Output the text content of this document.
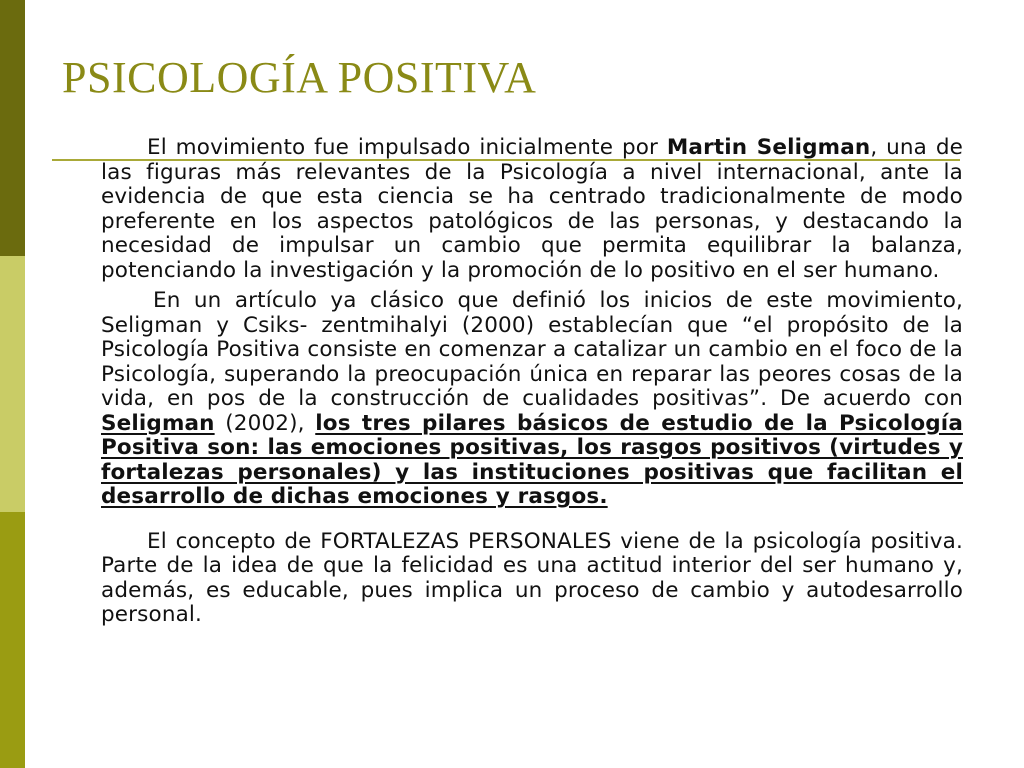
PSICOLOGÍA POSITIVA

El movimiento fue impulsado inicialmente por Martin Seligman, una de las figuras más relevantes de la Psicología a nivel internacional, ante la evidencia de que esta ciencia se ha centrado tradicionalmente de modo preferente en los aspectos patológicos de las personas, y destacando la necesidad de impulsar un cambio que permita equilibrar la balanza, potenciando la investigación y la promoción de lo positivo en el ser humano.

En un artículo ya clásico que definió los inicios de este movimiento, Seligman y Csiks- zentmihalyi (2000) establecían que “el propósito de la Psicología Positiva consiste en comenzar a catalizar un cambio en el foco de la Psicología, superando la preocupación única en reparar las peores cosas de la vida, en pos de la construcción de cualidades positivas”. De acuerdo con Seligman (2002), los tres pilares básicos de estudio de la Psicología Positiva son: las emociones positivas, los rasgos positivos (virtudes y fortalezas personales) y las instituciones positivas que facilitan el desarrollo de dichas emociones y rasgos.

El concepto de FORTALEZAS PERSONALES viene de la psicología positiva. Parte de la idea de que la felicidad es una actitud interior del ser humano y, además, es educable, pues implica un proceso de cambio y autodesarrollo personal.
